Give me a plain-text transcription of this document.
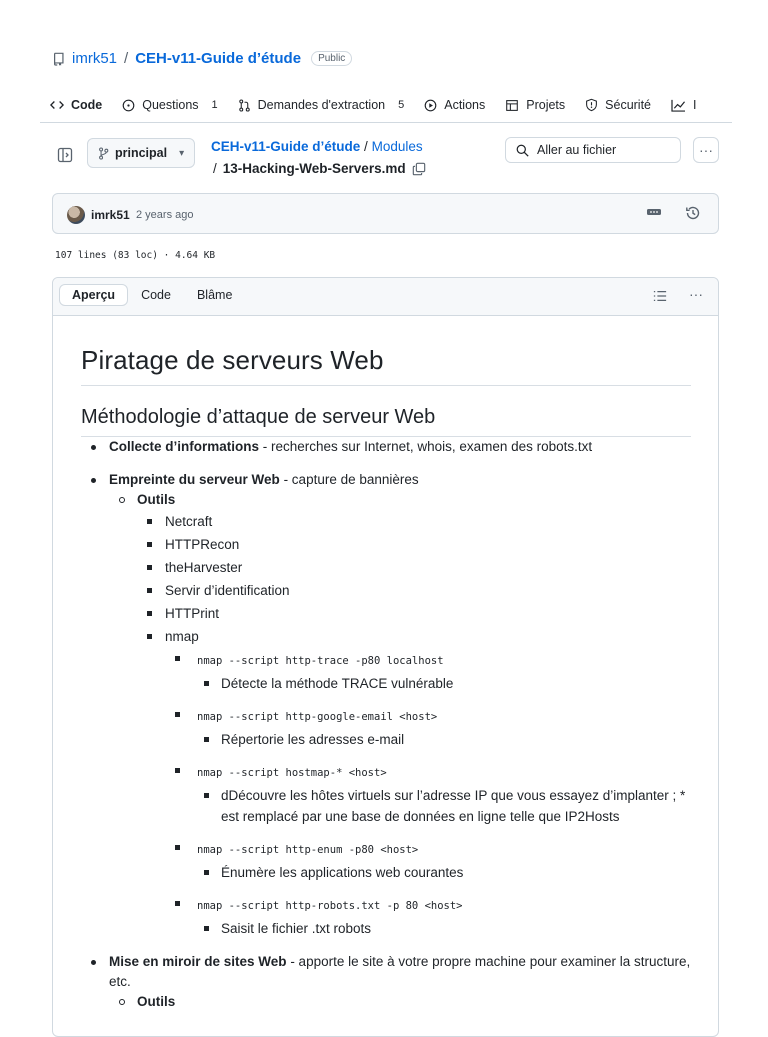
imrk51 / CEH-v11-Guide d’étude	Public
Code	Questions 1	Demandes d'extraction 5	Actions	Projets	Sécurité	I
principal ▾ CEH-v11-Guide d’étude / Modules
/ 13-Hacking-Web-Servers.md
Aller au fichier	···
imrk51 2 years ago
107 lines (83 loc) · 4.64 KB
Aperçu	Code	Blâme	···
Piratage de serveurs Web
Méthodologie d’attaque de serveur Web
Collecte d’informations - recherches sur Internet, whois, examen des robots.txt
Empreinte du serveur Web - capture de bannières
Outils
Netcraft
HTTPRecon
theHarvester
Servir d’identification
HTTPrint
nmap
nmap --script http-trace -p80 localhost
Détecte la méthode TRACE vulnérable
nmap --script http-google-email <host>
Répertorie les adresses e-mail
nmap --script hostmap-* <host>
dDécouvre les hôtes virtuels sur l’adresse IP que vous essayez d’implanter ; * est remplacé par une base de données en ligne telle que IP2Hosts
nmap --script http-enum -p80 <host>
Énumère les applications web courantes
nmap --script http-robots.txt -p 80 <host>
Saisit le fichier .txt robots
Mise en miroir de sites Web - apporte le site à votre propre machine pour examiner la structure, etc.
Outils
